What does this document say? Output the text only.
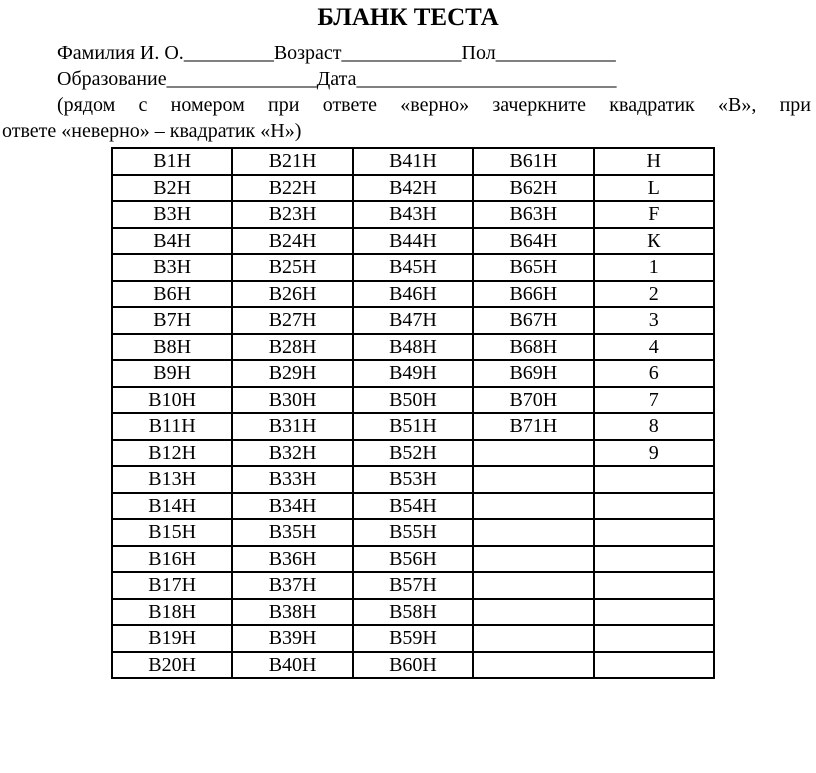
БЛАНК ТЕСТА
Фамилия И. О._________Возраст____________Пол____________
Образование_______________Дата__________________________
(рядом с номером при ответе «верно» зачеркните квадратик «В», при
ответе «неверно» – квадратик «Н»)
В1Н	В21Н	В41Н	В61Н	Н
В2Н	В22Н	В42Н	В62Н	L
В3Н	В23Н	В43Н	В63Н	F
В4Н	В24Н	В44Н	В64Н	К
В3Н	В25Н	В45Н	В65Н	1
В6Н	В26Н	В46Н	В66Н	2
В7Н	В27Н	В47Н	В67Н	3
В8Н	В28Н	В48Н	В68Н	4
В9Н	В29Н	В49Н	В69Н	6
В10Н	В30Н	В50Н	В70Н	7
В11Н	В31Н	В51Н	В71Н	8
В12Н	В32Н	В52Н		9
В13Н	В33Н	В53Н		
В14Н	В34Н	В54Н		
В15Н	В35Н	В55Н		
В16Н	В36Н	В56Н		
В17Н	В37Н	В57Н		
В18Н	В38Н	В58Н		
В19Н	В39Н	В59Н		
В20Н	В40Н	В60Н		
